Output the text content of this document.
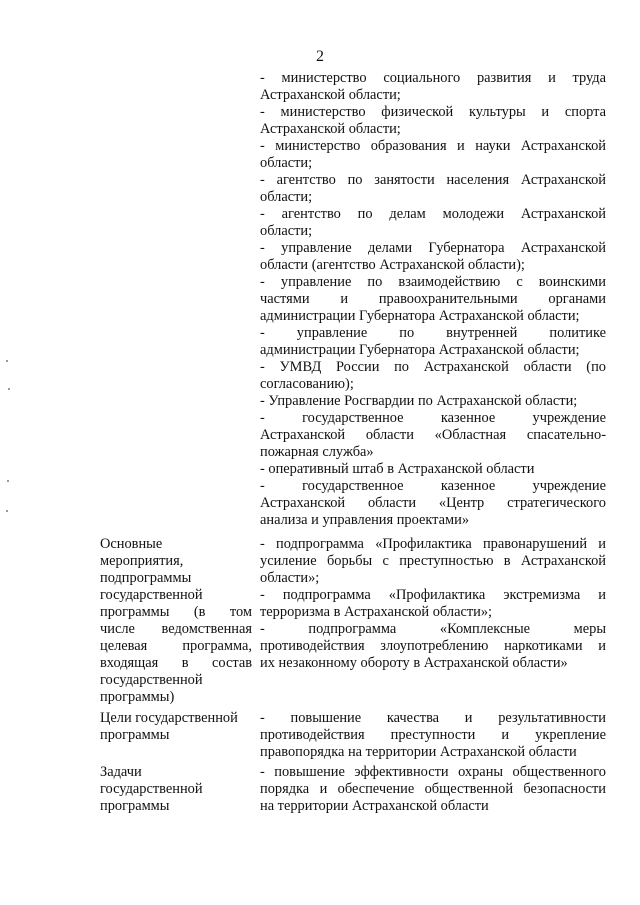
2
- министерство социального развития и труда
Астраханской области;
- министерство физической культуры и спорта
Астраханской области;
- министерство образования и науки Астраханской
области;
- агентство по занятости населения Астраханской
области;
- агентство по делам молодежи Астраханской
области;
- управление делами Губернатора Астраханской
области (агентство Астраханской области);
- управление по взаимодействию с воинскими
частями и правоохранительными органами
администрации Губернатора Астраханской области;
- управление по внутренней политике
администрации Губернатора Астраханской области;
- УМВД России по Астраханской области (по
согласованию);
- Управление Росгвардии по Астраханской области;
- государственное казенное учреждение
Астраханской области «Областная спасательно-
пожарная служба»
- оперативный штаб в Астраханской области
- государственное казенное учреждение
Астраханской области «Центр стратегического
анализа и управления проектами»
Основные
мероприятия,
подпрограммы
государственной
программы (в том
числе ведомственная
целевая программа,
входящая в состав
государственной
программы)
- подпрограмма «Профилактика правонарушений и
усиление борьбы с преступностью в Астраханской
области»;
- подпрограмма «Профилактика экстремизма и
терроризма в Астраханской области»;
- подпрограмма «Комплексные меры
противодействия злоупотреблению наркотиками и
их незаконному обороту в Астраханской области»
Цели государственной
программы
- повышение качества и результативности
противодействия преступности и укрепление
правопорядка на территории Астраханской области
Задачи
государственной
программы
- повышение эффективности охраны общественного
порядка и обеспечение общественной безопасности
на территории Астраханской области
